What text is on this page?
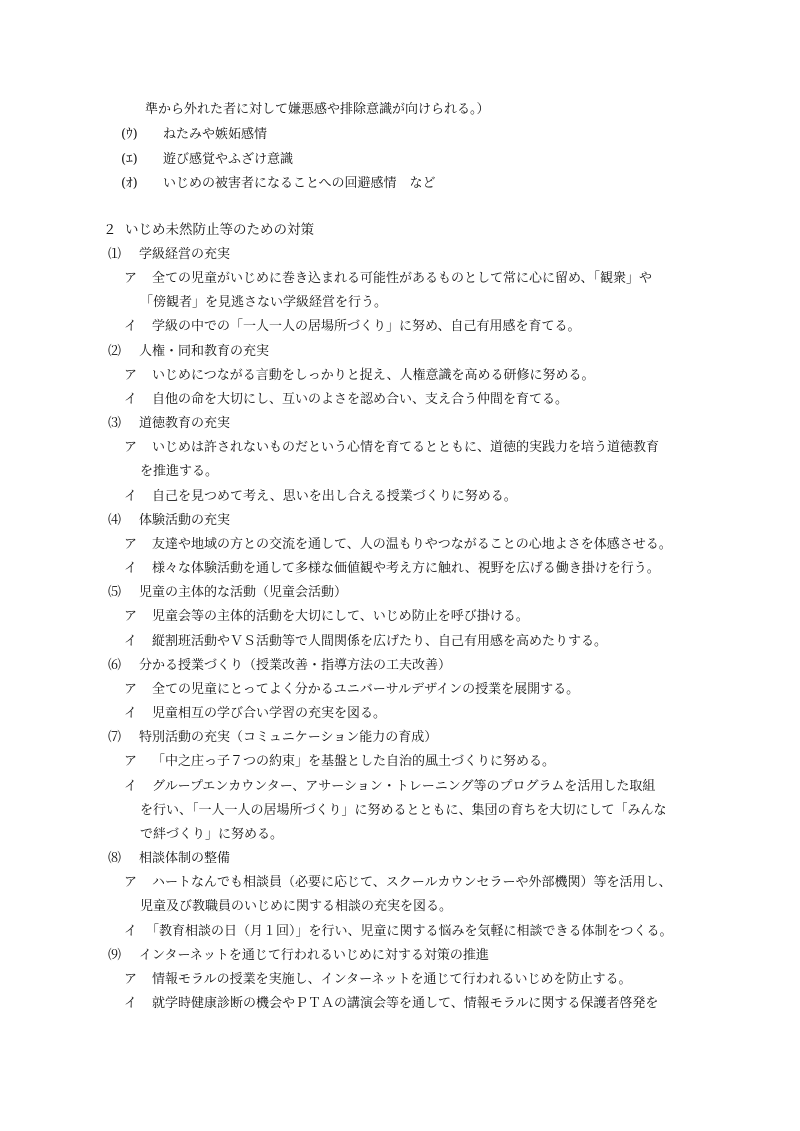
準から外れた者に対して嫌悪感や排除意識が向けられる。）
(ｳ) ねたみや嫉妬感情
(ｴ) 遊び感覚やふざけ意識
(ｵ) いじめの被害者になることへの回避感情　など
２ いじめ未然防止等のための対策
⑴ 学級経営の充実
ア 全ての児童がいじめに巻き込まれる可能性があるものとして常に心に留め、「観衆」や
「傍観者」を見逃さない学級経営を行う。
イ 学級の中での「一人一人の居場所づくり」に努め、自己有用感を育てる。
⑵ 人権・同和教育の充実
ア いじめにつながる言動をしっかりと捉え、人権意識を高める研修に努める。
イ 自他の命を大切にし、互いのよさを認め合い、支え合う仲間を育てる。
⑶ 道徳教育の充実
ア いじめは許されないものだという心情を育てるとともに、道徳的実践力を培う道徳教育
を推進する。
イ 自己を見つめて考え、思いを出し合える授業づくりに努める。
⑷ 体験活動の充実
ア 友達や地域の方との交流を通して、人の温もりやつながることの心地よさを体感させる。
イ 様々な体験活動を通して多様な価値観や考え方に触れ、視野を広げる働き掛けを行う。
⑸ 児童の主体的な活動（児童会活動）
ア 児童会等の主体的活動を大切にして、いじめ防止を呼び掛ける。
イ 縦割班活動やＶＳ活動等で人間関係を広げたり、自己有用感を高めたりする。
⑹ 分かる授業づくり（授業改善・指導方法の工夫改善）
ア 全ての児童にとってよく分かるユニバーサルデザインの授業を展開する。
イ 児童相互の学び合い学習の充実を図る。
⑺ 特別活動の充実（コミュニケーション能力の育成）
ア 「中之庄っ子７つの約束」を基盤とした自治的風土づくりに努める。
イ グループエンカウンター、アサーション・トレーニング等のプログラムを活用した取組
を行い、「一人一人の居場所づくり」に努めるとともに、集団の育ちを大切にして「みんな
で絆づくり」に努める。
⑻ 相談体制の整備
ア ハートなんでも相談員（必要に応じて、スクールカウンセラーや外部機関）等を活用し、
児童及び教職員のいじめに関する相談の充実を図る。
イ 「教育相談の日（月１回）」を行い、児童に関する悩みを気軽に相談できる体制をつくる。
⑼ インターネットを通じて行われるいじめに対する対策の推進
ア 情報モラルの授業を実施し、インターネットを通じて行われるいじめを防止する。
イ 就学時健康診断の機会やＰＴＡの講演会等を通して、情報モラルに関する保護者啓発を
